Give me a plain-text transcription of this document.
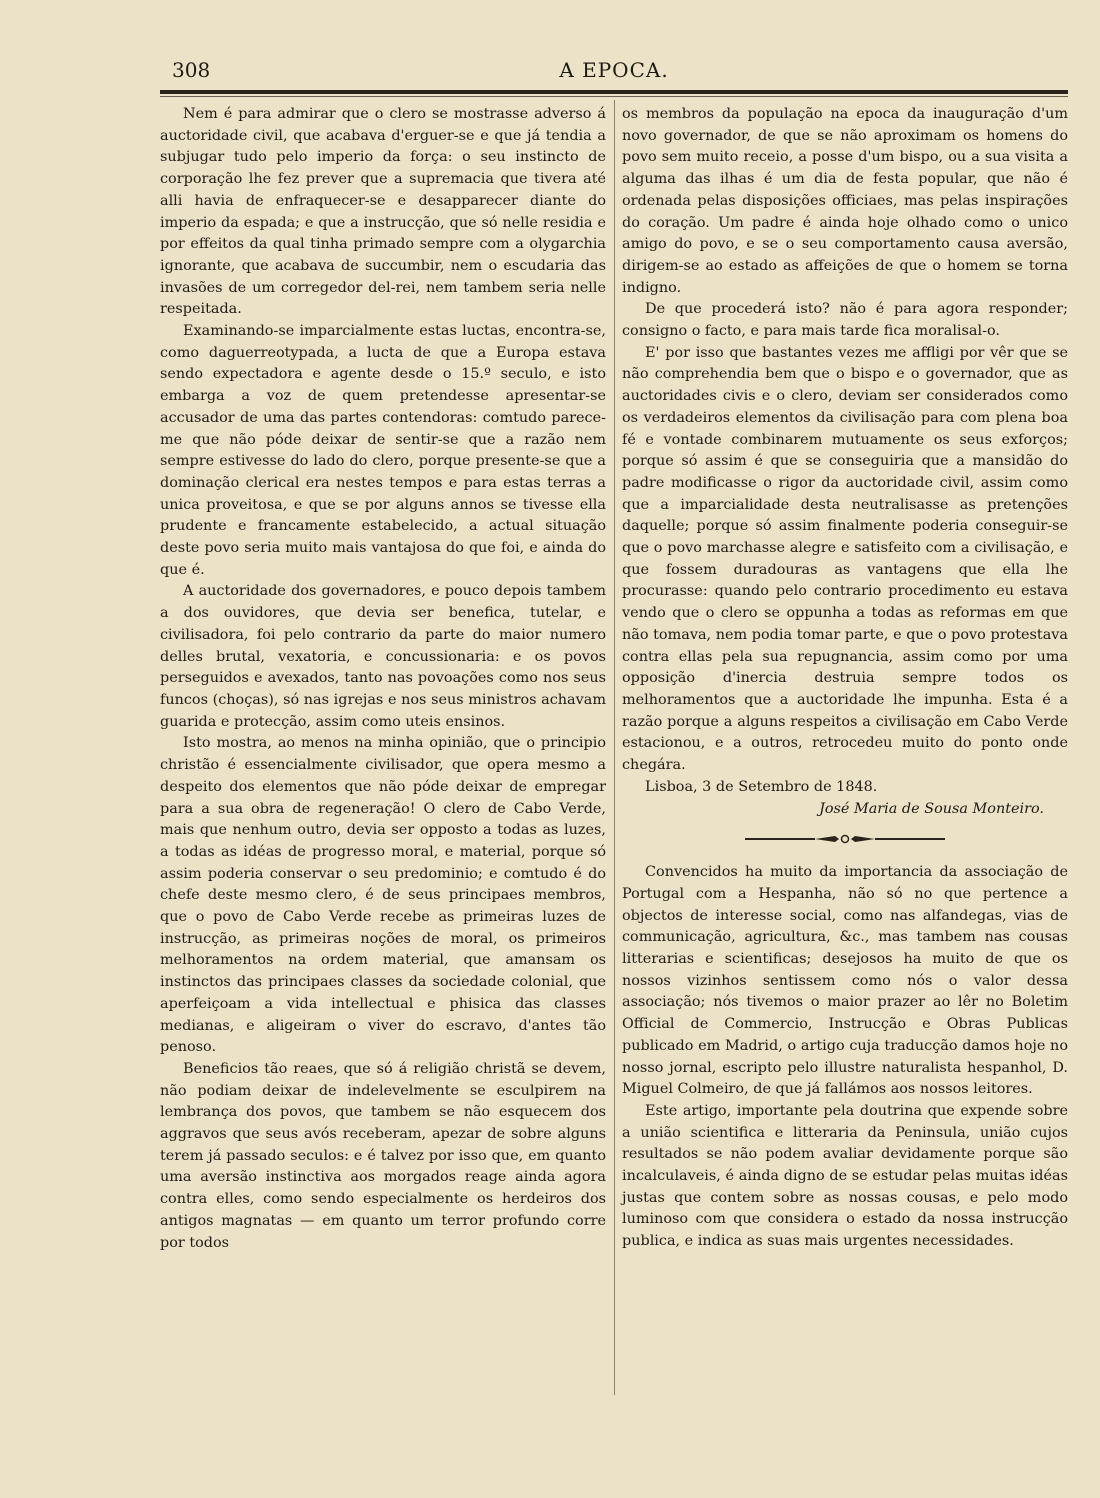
308	A EPOCA.

Nem é para admirar que o clero se mostrasse adverso á auctoridade civil, que acabava d'erguer-se e que já tendia a subjugar tudo pelo imperio da força: o seu instincto de corporação lhe fez prever que a supremacia que tivera até alli havia de enfraquecer-se e desapparecer diante do imperio da espada; e que a instrucção, que só nelle residia e por effeitos da qual tinha primado sempre com a olygarchia ignorante, que acabava de succumbir, nem o escudaria das invasões de um corregedor del-rei, nem tambem seria nelle respeitada.

Examinando-se imparcialmente estas luctas, encontra-se, como daguerreotypada, a lucta de que a Europa estava sendo expectadora e agente desde o 15.º seculo, e isto embarga a voz de quem pretendesse apresentar-se accusador de uma das partes contendoras: comtudo parece-me que não póde deixar de sentir-se que a razão nem sempre estivesse do lado do clero, porque presente-se que a dominação clerical era nestes tempos e para estas terras a unica proveitosa, e que se por alguns annos se tivesse ella prudente e francamente estabelecido, a actual situação deste povo seria muito mais vantajosa do que foi, e ainda do que é.

A auctoridade dos governadores, e pouco depois tambem a dos ouvidores, que devia ser benefica, tutelar, e civilisadora, foi pelo contrario da parte do maior numero delles brutal, vexatoria, e concussionaria: e os povos perseguidos e avexados, tanto nas povoações como nos seus funcos (choças), só nas igrejas e nos seus ministros achavam guarida e protecção, assim como uteis ensinos.

Isto mostra, ao menos na minha opinião, que o principio christão é essencialmente civilisador, que opera mesmo a despeito dos elementos que não póde deixar de empregar para a sua obra de regeneração! O clero de Cabo Verde, mais que nenhum outro, devia ser opposto a todas as luzes, a todas as idéas de progresso moral, e material, porque só assim poderia conservar o seu predominio; e comtudo é do chefe deste mesmo clero, é de seus principaes membros, que o povo de Cabo Verde recebe as primeiras luzes de instrucção, as primeiras noções de moral, os primeiros melhoramentos na ordem material, que amansam os instinctos das principaes classes da sociedade colonial, que aperfeiçoam a vida intellectual e phisica das classes medianas, e aligeiram o viver do escravo, d'antes tão penoso.

Beneficios tão reaes, que só á religião christã se devem, não podiam deixar de indelevelmente se esculpirem na lembrança dos povos, que tambem se não esquecem dos aggravos que seus avós receberam, apezar de sobre alguns terem já passado seculos: e é talvez por isso que, em quanto uma aversão instinctiva aos morgados reage ainda agora contra elles, como sendo especialmente os herdeiros dos antigos magnatas — em quanto um terror profundo corre por todos

os membros da população na epoca da inauguração d'um novo governador, de que se não aproximam os homens do povo sem muito receio, a posse d'um bispo, ou a sua visita a alguma das ilhas é um dia de festa popular, que não é ordenada pelas disposições officiaes, mas pelas inspirações do coração. Um padre é ainda hoje olhado como o unico amigo do povo, e se o seu comportamento causa aversão, dirigem-se ao estado as affeições de que o homem se torna indigno.

De que procederá isto? não é para agora responder; consigno o facto, e para mais tarde fica moralisal-o.

E' por isso que bastantes vezes me affligi por vêr que se não comprehendia bem que o bispo e o governador, que as auctoridades civis e o clero, deviam ser considerados como os verdadeiros elementos da civilisação para com plena boa fé e vontade combinarem mutuamente os seus exforços; porque só assim é que se conseguiria que a mansidão do padre modificasse o rigor da auctoridade civil, assim como que a imparcialidade desta neutralisasse as pretenções daquelle; porque só assim finalmente poderia conseguir-se que o povo marchasse alegre e satisfeito com a civilisação, e que fossem duradouras as vantagens que ella lhe procurasse: quando pelo contrario procedimento eu estava vendo que o clero se oppunha a todas as reformas em que não tomava, nem podia tomar parte, e que o povo protestava contra ellas pela sua repugnancia, assim como por uma opposição d'inercia destruia sempre todos os melhoramentos que a auctoridade lhe impunha. Esta é a razão porque a alguns respeitos a civilisação em Cabo Verde estacionou, e a outros, retrocedeu muito do ponto onde chegára.

Lisboa, 3 de Setembro de 1848.

José Maria de Sousa Monteiro.

Convencidos ha muito da importancia da associação de Portugal com a Hespanha, não só no que pertence a objectos de interesse social, como nas alfandegas, vias de communicação, agricultura, &c., mas tambem nas cousas litterarias e scientificas; desejosos ha muito de que os nossos vizinhos sentissem como nós o valor dessa associação; nós tivemos o maior prazer ao lêr no Boletim Official de Commercio, Instrucção e Obras Publicas publicado em Madrid, o artigo cuja traducção damos hoje no nosso jornal, escripto pelo illustre naturalista hespanhol, D. Miguel Colmeiro, de que já fallámos aos nossos leitores.

Este artigo, importante pela doutrina que expende sobre a união scientifica e litteraria da Peninsula, união cujos resultados se não podem avaliar devidamente porque são incalculaveis, é ainda digno de se estudar pelas muitas idéas justas que contem sobre as nossas cousas, e pelo modo luminoso com que considera o estado da nossa instrucção publica, e indica as suas mais urgentes necessidades.
